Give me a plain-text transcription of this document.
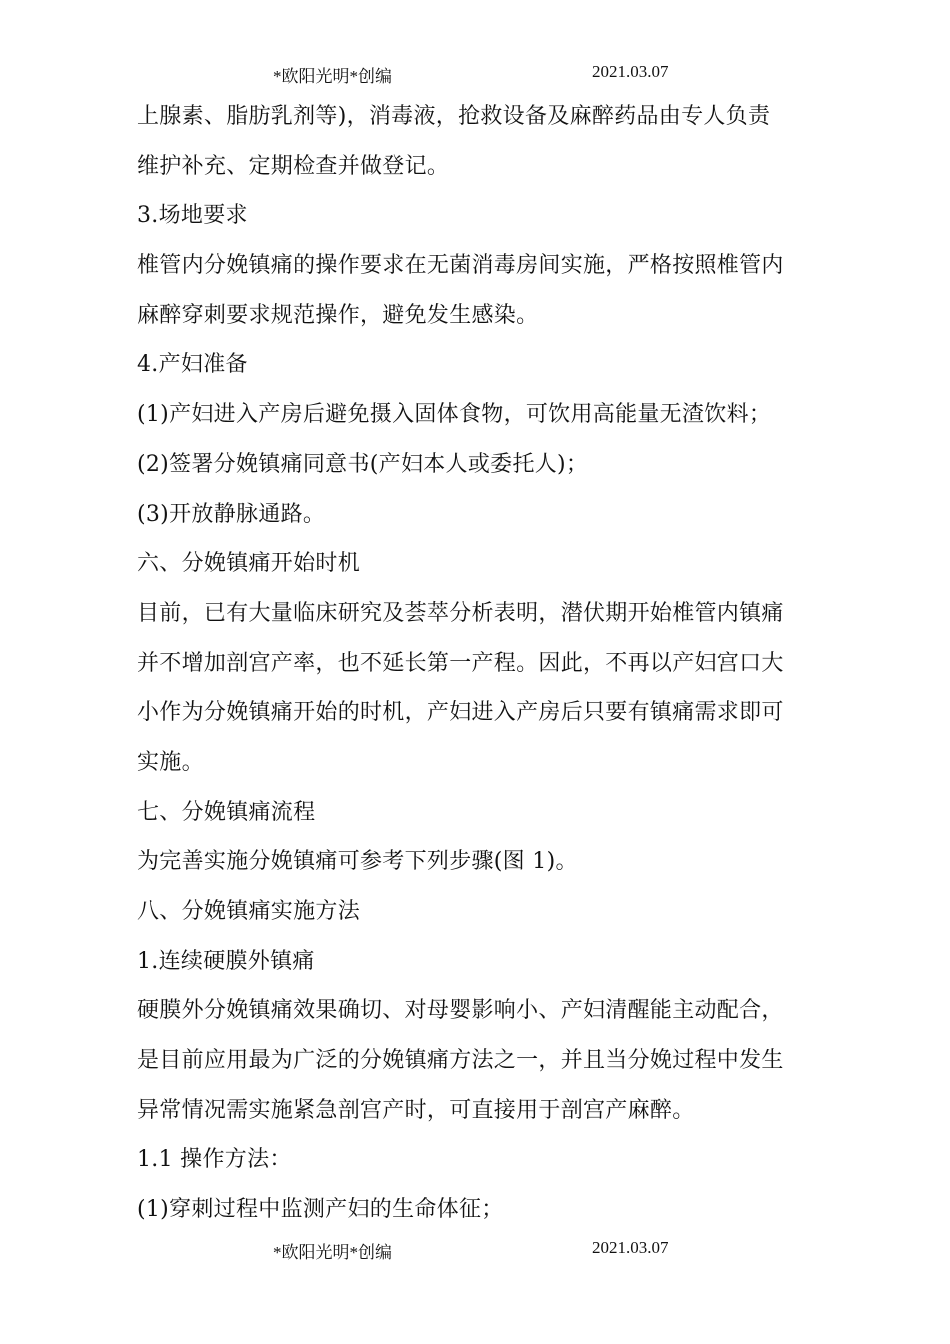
*欧阳光明*创编	2021.03.07
上腺素、脂肪乳剂等)，消毒液，抢救设备及麻醉药品由专人负责
维护补充、定期检查并做登记。
3.场地要求
椎管内分娩镇痛的操作要求在无菌消毒房间实施，严格按照椎管内
麻醉穿刺要求规范操作，避免发生感染。
4.产妇准备
(1)产妇进入产房后避免摄入固体食物，可饮用高能量无渣饮料；
(2)签署分娩镇痛同意书(产妇本人或委托人)；
(3)开放静脉通路。
六、分娩镇痛开始时机
目前，已有大量临床研究及荟萃分析表明，潜伏期开始椎管内镇痛
并不增加剖宫产率，也不延长第一产程。因此，不再以产妇宫口大
小作为分娩镇痛开始的时机，产妇进入产房后只要有镇痛需求即可
实施。
七、分娩镇痛流程
为完善实施分娩镇痛可参考下列步骤(图 1)。
八、分娩镇痛实施方法
1.连续硬膜外镇痛
硬膜外分娩镇痛效果确切、对母婴影响小、产妇清醒能主动配合，
是目前应用最为广泛的分娩镇痛方法之一，并且当分娩过程中发生
异常情况需实施紧急剖宫产时，可直接用于剖宫产麻醉。
1.1 操作方法：
(1)穿刺过程中监测产妇的生命体征；
*欧阳光明*创编	2021.03.07
